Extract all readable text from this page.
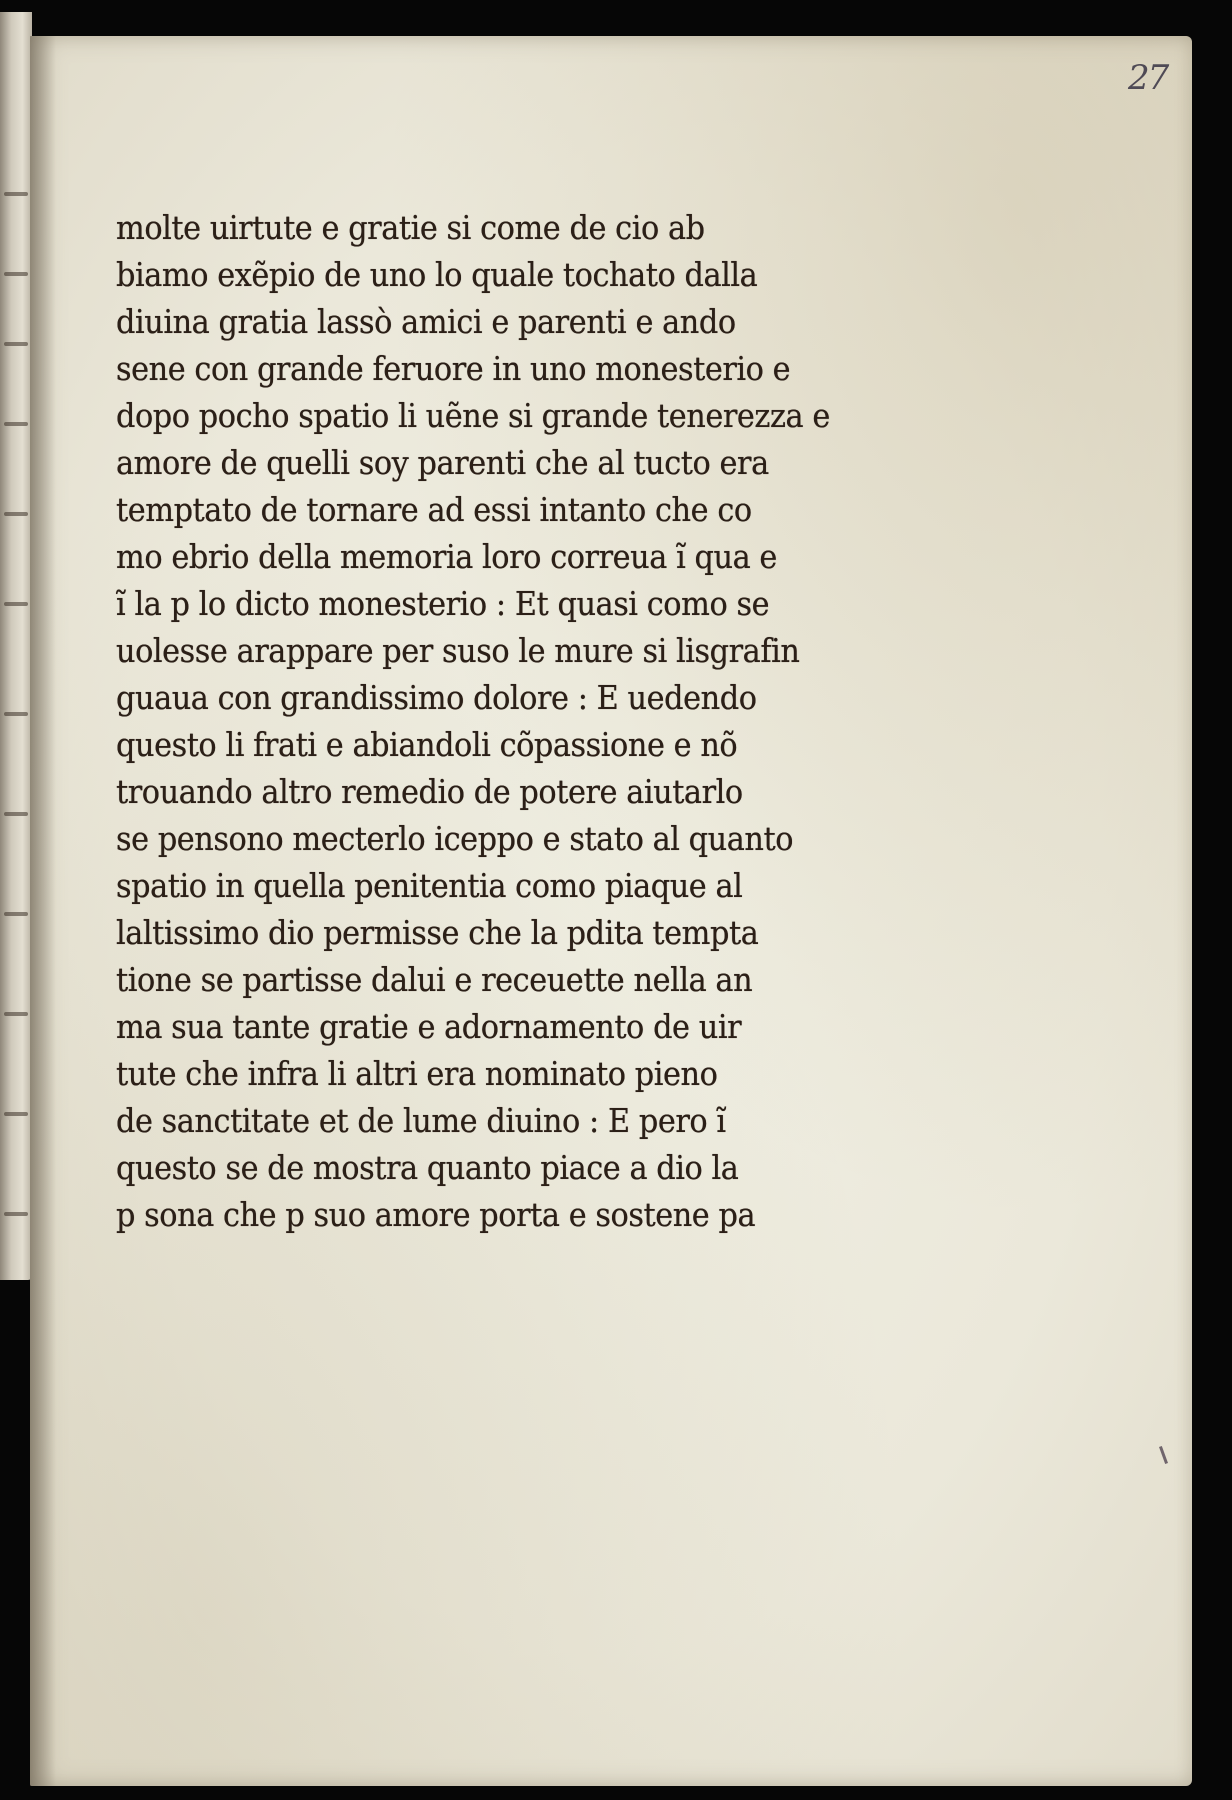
27

molte uirtute e gratie si come de cio ab
biamo exẽpio de uno lo quale tochato dalla
diuina gratia lassò amici e parenti e ando
sene con grande feruore in uno monesterio e
dopo pocho spatio li uẽne si grande tenerezza e
amore de quelli soy parenti che al tucto era
temptato de tornare ad essi intanto che co
mo ebrio della memoria loro correua ĩ qua e
ĩ la p lo dicto monesterio : Et quasi como se
uolesse arappare per suso le mure si lisgrafin
guaua con grandissimo dolore : E uedendo
questo li frati e abiandoli cõpassione e nõ
trouando altro remedio de potere aiutarlo
se pensono mecterlo iceppo e stato al quanto
spatio in quella penitentia como piaque al
laltissimo dio permisse che la pdita tempta
tione se partisse dalui e receuette nella an
ma sua tante gratie e adornamento de uir
tute che infra li altri era nominato pieno
de sanctitate et de lume diuino : E pero ĩ
questo se de mostra quanto piace a dio la
p sona che p suo amore porta e sostene pa
